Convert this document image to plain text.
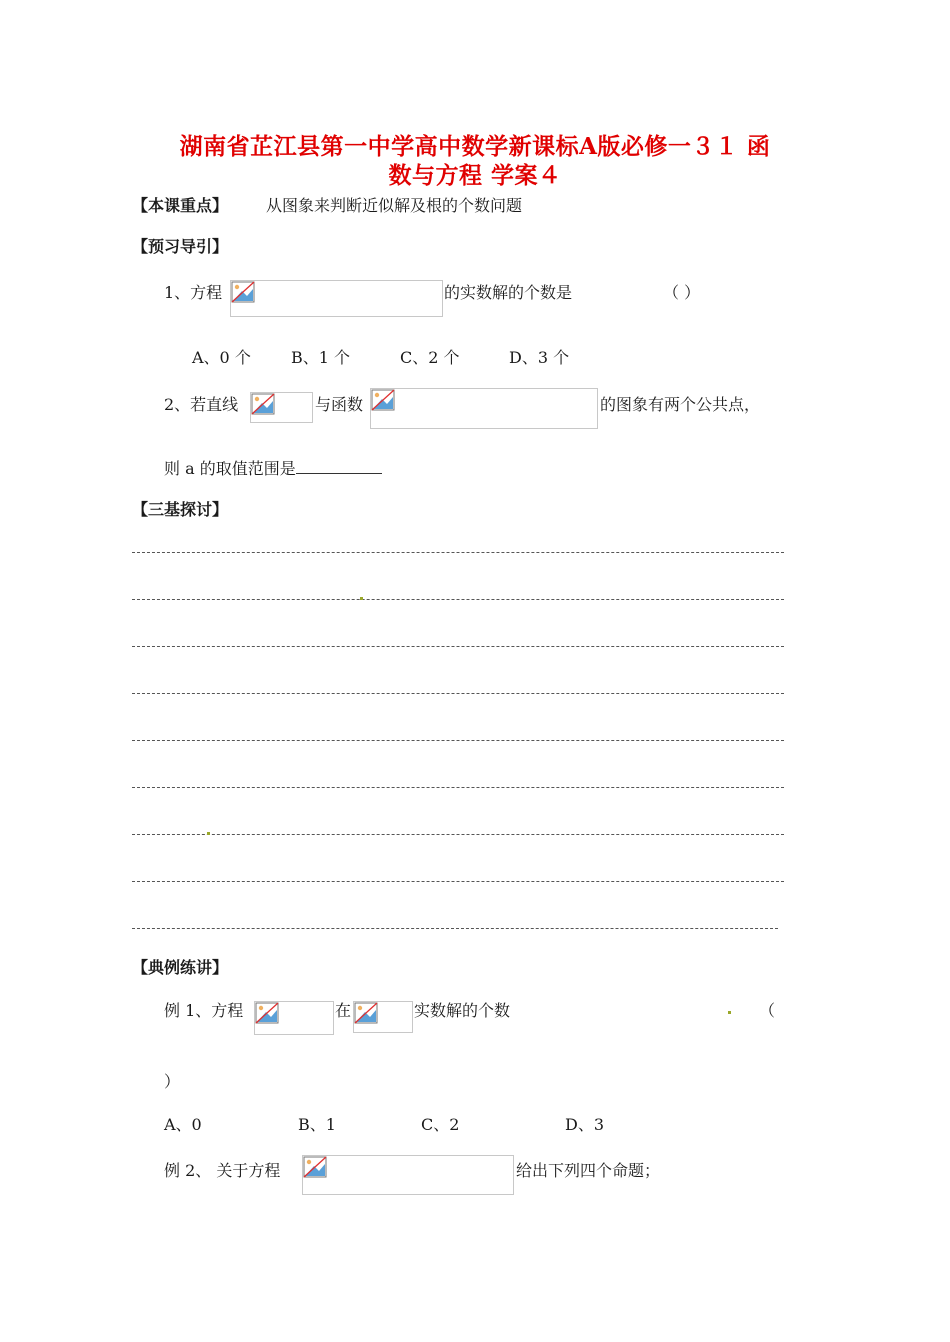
湖南省芷江县第一中学高中数学新课标A版必修一３１ 函
数与方程 学案４
【本课重点】 从图象来判断近似解及根的个数问题
【预习导引】
1、方程	的实数解的个数是	（ ）
A、0 个	B、1 个	C、2 个	D、3 个
2、若直线	与函数	的图象有两个公共点，
则 a 的取值范围是
【三基探讨】
【典例练讲】
例 1、方程	在	实数解的个数	（
）
A、0	B、1	C、2	D、3
例 2、 关于方程	给出下列四个命题；
